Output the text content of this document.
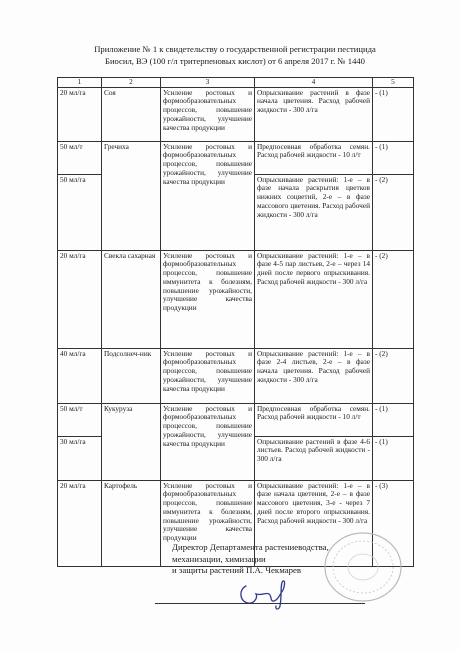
Приложение № 1 к свидетельству о государственной регистрации пестицида
Биосил, ВЭ (100 г/л тритерпеновых кислот) от 6 апреля 2017 г. № 1440
1	2	3	4	5
20 мл/га	Соя	Усиление ростовых и формообразовательных процессов, повышение урожайности, улучшение качества продукции	Опрыскивание растений в фазе начала цветения. Расход рабочей жидкости - 300 л/га	- (1)
50 мл/т	Гречиха	Усиление ростовых и формообразовательных процессов, повышение урожайности, улучшение качества продукции	Предпосевная обработка семян. Расход рабочей жидкости - 10 л/т	- (1)
50 мл/га			Опрыскивание растений: 1-е – в фазе начала раскрытия цветков нижних соцветий, 2-е – в фазе массового цветения. Расход рабочей жидкости - 300 л/га	- (2)
20 мл/га	Свекла сахарная	Усиление ростовых и формообразовательных процессов, повышение иммунитета к болезням, повышение урожайности, улучшение качества продукции	Опрыскивание растений: 1-е – в фазе 4-5 пар листьев, 2-е – через 14 дней после первого опрыскивания. Расход рабочей жидкости - 300 л/га	- (2)
40 мл/га	Подсолнеч-ник	Усиление ростовых и формообразовательных процессов, повышение урожайности, улучшение качества продукции	Опрыскивание растений: 1-е – в фазе 2-4 листьев, 2-е – в фазе начала цветения. Расход рабочей жидкости - 300 л/га	- (2)
50 мл/т	Кукуруза	Усиление ростовых и формообразовательных процессов, повышение урожайности, улучшение качества продукции	Предпосевная обработка семян. Расход рабочей жидкости - 10 л/т	- (1)
30 мл/га			Опрыскивание растений в фазе 4-6 листьев. Расход рабочей жидкости - 300 л/га	- (1)
20 мл/га	Картофель	Усиление ростовых и формообразовательных процессов, повышение иммунитета к болезням, повышение урожайности, улучшение качества продукции	Опрыскивание растений: 1-е – в фазе начала цветения, 2-е – в фазе массового цветения, 3-е - через 7 дней после второго опрыскивания. Расход рабочей жидкости - 300 л/га	- (3)
Директор Департамента растениеводства,
механизации, химизации
и защиты растений П.А. Чекмарев
